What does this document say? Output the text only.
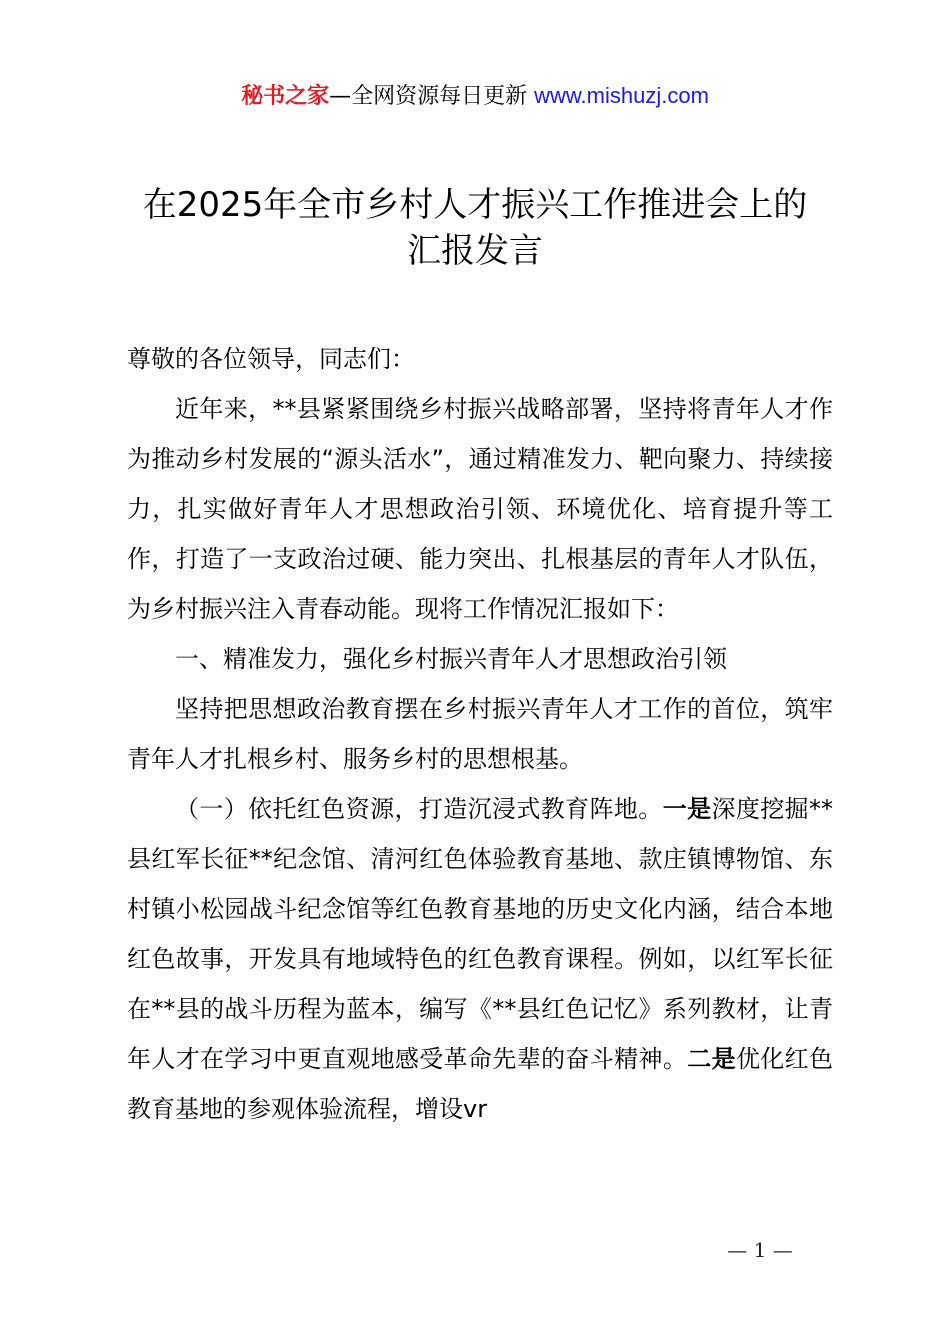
秘书之家—全网资源每日更新 www.mishuzj.com
在2025年全市乡村人才振兴工作推进会上的
汇报发言

尊敬的各位领导，同志们：

近年来，**县紧紧围绕乡村振兴战略部署，坚持将青年人才作为推动乡村发展的“源头活水”，通过精准发力、靶向聚力、持续接力，扎实做好青年人才思想政治引领、环境优化、培育提升等工作，打造了一支政治过硬、能力突出、扎根基层的青年人才队伍，为乡村振兴注入青春动能。现将工作情况汇报如下：

一、精准发力，强化乡村振兴青年人才思想政治引领

坚持把思想政治教育摆在乡村振兴青年人才工作的首位，筑牢青年人才扎根乡村、服务乡村的思想根基。

（一）依托红色资源，打造沉浸式教育阵地。一是深度挖掘**县红军长征**纪念馆、清河红色体验教育基地、款庄镇博物馆、东村镇小松园战斗纪念馆等红色教育基地的历史文化内涵，结合本地红色故事，开发具有地域特色的红色教育课程。例如，以红军长征在**县的战斗历程为蓝本，编写《**县红色记忆》系列教材，让青年人才在学习中更直观地感受革命先辈的奋斗精神。二是优化红色教育基地的参观体验流程，增设vr

— 1 —
